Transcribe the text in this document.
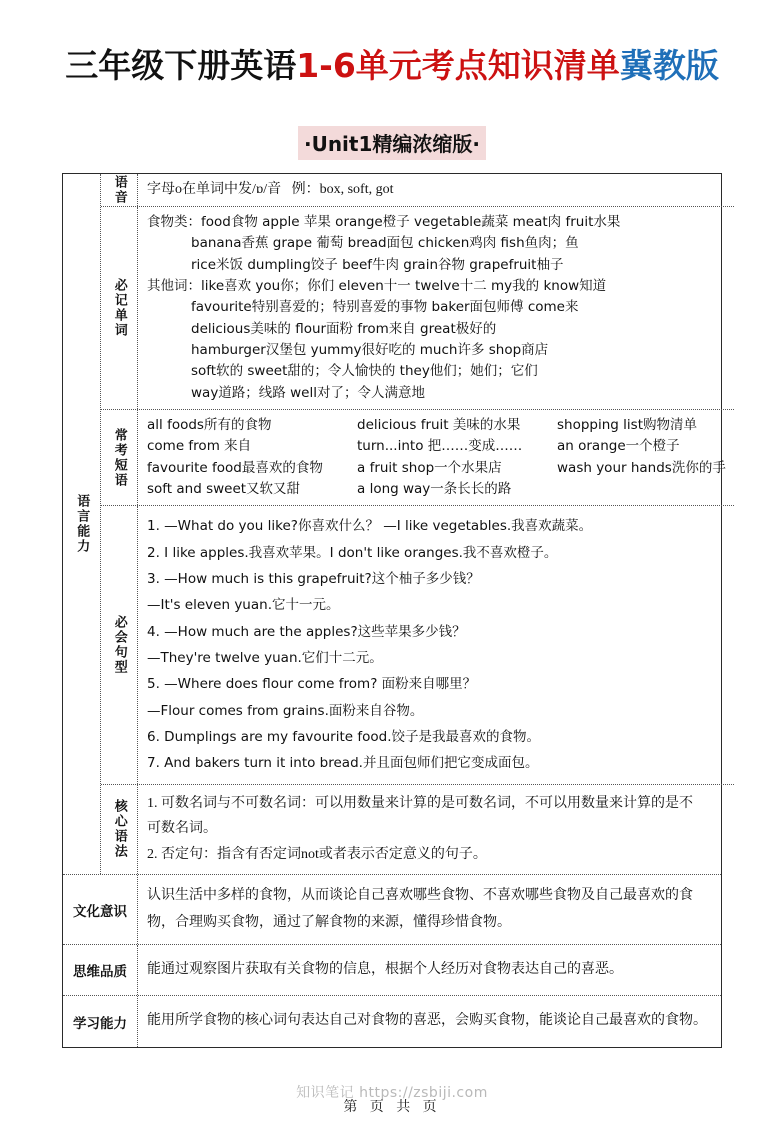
三年级下册英语1-6单元考点知识清单冀教版
·Unit1精编浓缩版·
语言能力
语音 字母o在单词中发/ɒ/音 例：box, soft, got
必记单词
食物类：food食物 apple 苹果 orange橙子 vegetable蔬菜 meat肉 fruit水果 banana香蕉 grape 葡萄 bread面包 chicken鸡肉 fish鱼肉；鱼 rice米饭 dumpling饺子 beef牛肉 grain谷物 grapefruit柚子 其他词：like喜欢 you你；你们 eleven十一 twelve十二 my我的 know知道 favourite特别喜爱的；特别喜爱的事物 baker面包师傅 come来 delicious美味的 flour面粉 from来自 great极好的 hamburger汉堡包 yummy很好吃的 much许多 shop商店 soft软的 sweet甜的；令人愉快的 they他们；她们；它们 way道路；线路 well对了；令人满意地
常考短语
all foods所有的食物	delicious fruit 美味的水果	shopping list购物清单
come from 来自	turn...into 把……变成……	an orange一个橙子
favourite food最喜欢的食物	a fruit shop一个水果店	wash your hands洗你的手
soft and sweet又软又甜	a long way一条长长的路
必会句型
1. —What do you like?你喜欢什么？ —I like vegetables.我喜欢蔬菜。
2. I like apples.我喜欢苹果。I don't like oranges.我不喜欢橙子。
3. —How much is this grapefruit?这个柚子多少钱？
—It's eleven yuan.它十一元。
4. —How much are the apples?这些苹果多少钱？
—They're twelve yuan.它们十二元。
5. —Where does flour come from? 面粉来自哪里？
—Flour comes from grains.面粉来自谷物。
6. Dumplings are my favourite food.饺子是我最喜欢的食物。
7. And bakers turn it into bread.并且面包师们把它变成面包。
核心语法 1. 可数名词与不可数名词：可以用数量来计算的是可数名词，不可以用数量来计算的是不
可数名词。
2. 否定句：指含有否定词not或者表示否定意义的句子。
文化意识
认识生活中多样的食物，从而谈论自己喜欢哪些食物、不喜欢哪些食物及自己最喜欢的食
物，合理购买食物，通过了解食物的来源，懂得珍惜食物。
思维品质 能通过观察图片获取有关食物的信息，根据个人经历对食物表达自己的喜恶。
学习能力 能用所学食物的核心词句表达自己对食物的喜恶，会购买食物，能谈论自己最喜欢的食物。
知识笔记 https://zsbiji.com
第 页 共 页
